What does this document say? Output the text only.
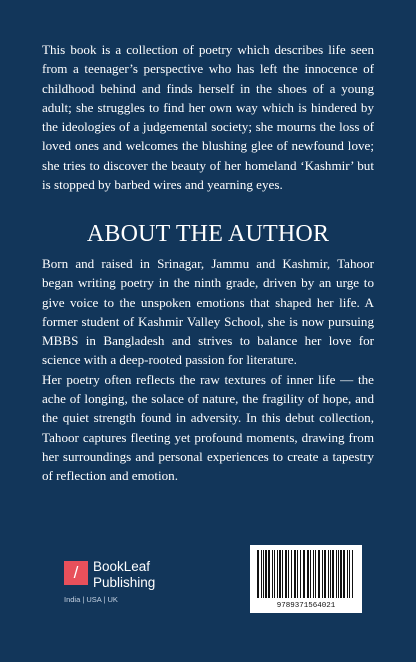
This book is a collection of poetry which describes life seen from a teenager’s perspective who has left the innocence of childhood behind and finds herself in the shoes of a young adult; she struggles to find her own way which is hindered by the ideologies of a judgemental society; she mourns the loss of loved ones and welcomes the blushing glee of newfound love; she tries to discover the beauty of her homeland ‘Kashmir’ but is stopped by barbed wires and yearning eyes.
ABOUT THE AUTHOR

Born and raised in Srinagar, Jammu and Kashmir, Tahoor began writing poetry in the ninth grade, driven by an urge to give voice to the unspoken emotions that shaped her life. A former student of Kashmir Valley School, she is now pursuing MBBS in Bangladesh and strives to balance her love for science with a deep-rooted passion for literature.

Her poetry often reflects the raw textures of inner life — the ache of longing, the solace of nature, the fragility of hope, and the quiet strength found in adversity. In this debut collection, Tahoor captures fleeting yet profound moments, drawing from her surroundings and personal experiences to create a tapestry of reflection and emotion.

/	BookLeaf
Publishing
India | USA | UK
9789371564021
